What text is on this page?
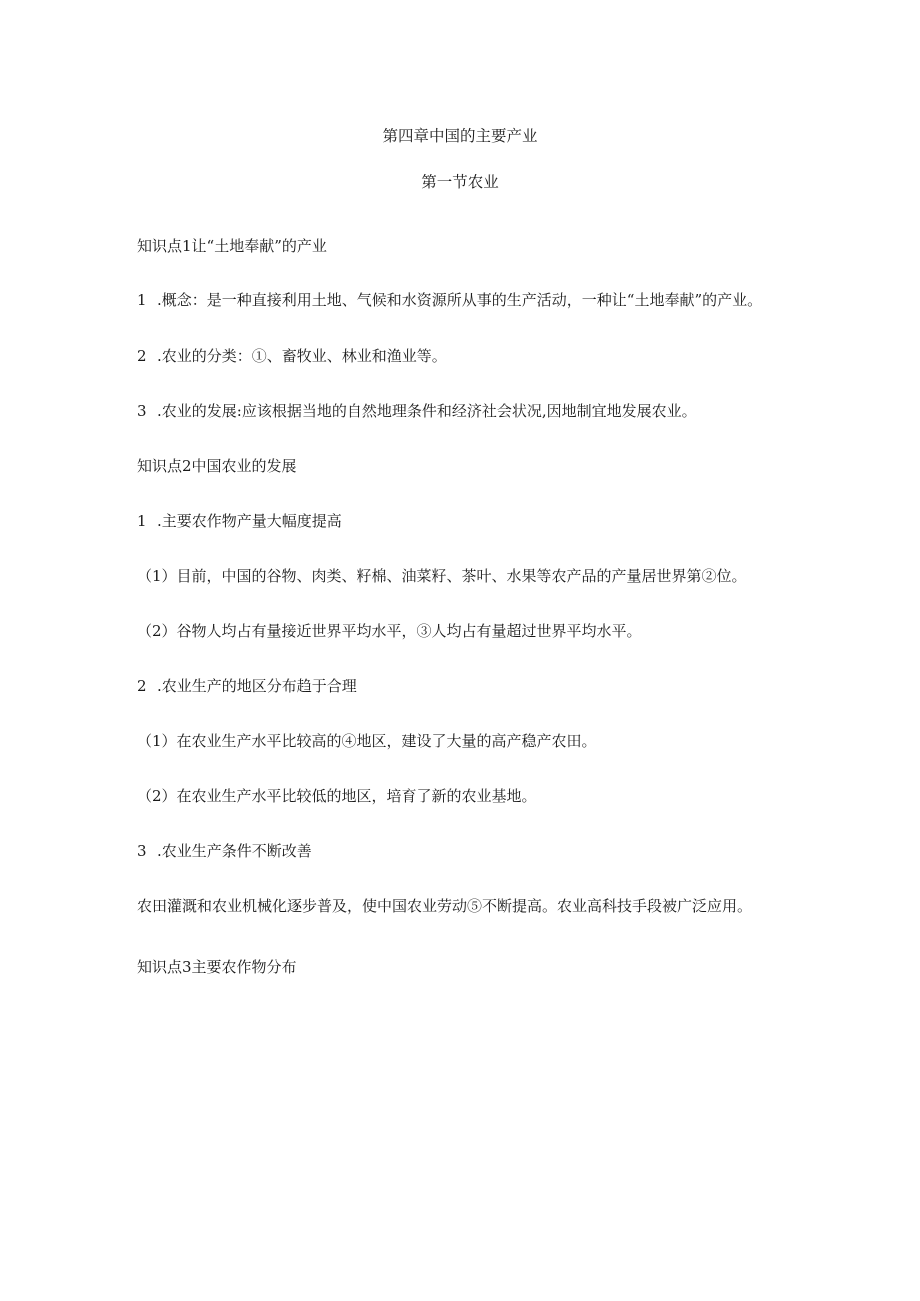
第四章中国的主要产业
第一节农业
知识点1让“土地奉献”的产业
1 .概念：是一种直接利用土地、气候和水资源所从事的生产活动，一种让“土地奉献”的产业。
2 .农业的分类：①、畜牧业、林业和渔业等。
3 .农业的发展:应该根据当地的自然地理条件和经济社会状况,因地制宜地发展农业。
知识点2中国农业的发展
1 .主要农作物产量大幅度提高
（1）目前，中国的谷物、肉类、籽棉、油菜籽、茶叶、水果等农产品的产量居世界第②位。
（2）谷物人均占有量接近世界平均水平，③人均占有量超过世界平均水平。
2 .农业生产的地区分布趋于合理
（1）在农业生产水平比较高的④地区，建设了大量的高产稳产农田。
（2）在农业生产水平比较低的地区，培育了新的农业基地。
3 .农业生产条件不断改善
农田灌溉和农业机械化逐步普及，使中国农业劳动⑤不断提高。农业高科技手段被广泛应用。
知识点3主要农作物分布
